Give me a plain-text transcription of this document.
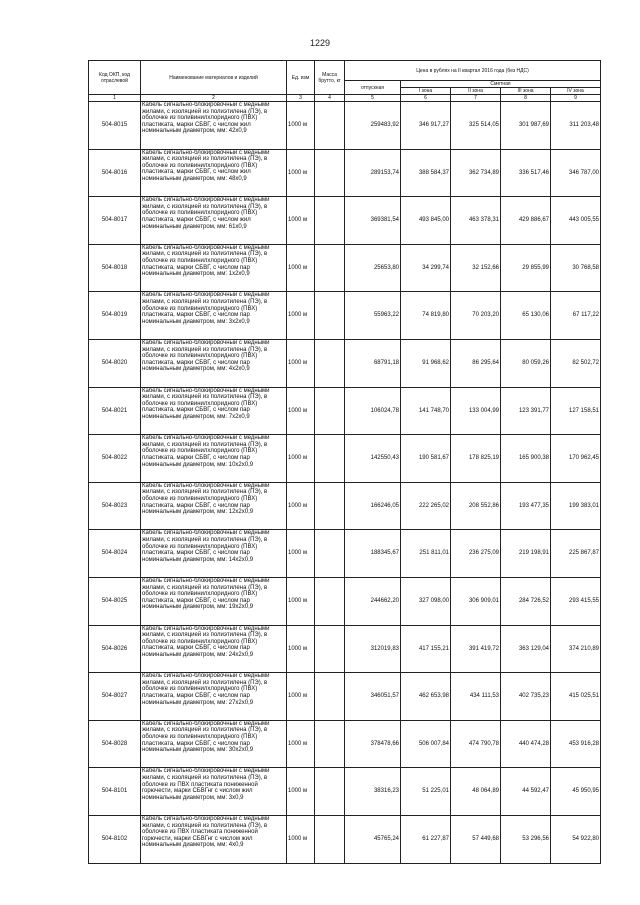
1229
Код ОКП, код отраслевой	Наименование материалов и изделий	Ед. изм	Масса брутто, кг	Цена в рублях на II квартал 2016 года (без НДС)				
				отпускная	Сметная			
					I зона	II зона	III зона	IV зона
1	2	3	4	5	6	7	8	9
504-8015	Кабель сигнально-блокировочный с медными жилами, с изоляцией из полиэтилена (ПЭ), в оболочке из поливинилхлоридного (ПВХ) пластиката, марки СБВГ, с числом жил номинальным диаметром, мм: 42х0,9	1000 м		259483,92	346 917,27	325 514,05	301 987,69	311 203,48
504-8016	Кабель сигнально-блокировочный с медными жилами, с изоляцией из полиэтилена (ПЭ), в оболочке из поливинилхлоридного (ПВХ) пластиката, марки СБВГ, с числом жил номинальным диаметром, мм: 48х0,9	1000 м		289153,74	388 584,37	362 734,89	336 517,46	346 787,00
504-8017	Кабель сигнально-блокировочный с медными жилами, с изоляцией из полиэтилена (ПЭ), в оболочке из поливинилхлоридного (ПВХ) пластиката, марки СБВГ, с числом жил номинальным диаметром, мм: 61х0,9	1000 м		369381,54	493 845,00	463 378,31	429 886,67	443 005,55
504-8018	Кабель сигнально-блокировочный с медными жилами, с изоляцией из полиэтилена (ПЭ), в оболочке из поливинилхлоридного (ПВХ) пластиката, марки СБВГ, с числом пар номинальным диаметром, мм: 1х2х0,9	1000 м		25653,80	34 299,74	32 152,66	29 855,99	30 768,58
504-8019	Кабель сигнально-блокировочный с медными жилами, с изоляцией из полиэтилена (ПЭ), в оболочке из поливинилхлоридного (ПВХ) пластиката, марки СБВГ, с числом пар номинальным диаметром, мм: 3х2х0,9	1000 м		55963,22	74 819,80	70 203,20	65 130,06	67 117,22
504-8020	Кабель сигнально-блокировочный с медными жилами, с изоляцией из полиэтилена (ПЭ), в оболочке из поливинилхлоридного (ПВХ) пластиката, марки СБВГ, с числом пар номинальным диаметром, мм: 4х2х0,9	1000 м		68791,18	91 968,62	86 295,64	80 059,26	82 502,72
504-8021	Кабель сигнально-блокировочный с медными жилами, с изоляцией из полиэтилена (ПЭ), в оболочке из поливинилхлоридного (ПВХ) пластиката, марки СБВГ, с числом пар номинальным диаметром, мм: 7х2х0,9	1000 м		106024,78	141 748,70	133 004,99	123 391,77	127 158,51
504-8022	Кабель сигнально-блокировочный с медными жилами, с изоляцией из полиэтилена (ПЭ), в оболочке из поливинилхлоридного (ПВХ) пластиката, марки СБВГ, с числом пар номинальным диаметром, мм: 10х2х0,9	1000 м		142550,43	190 581,67	178 825,19	165 900,38	170 962,45
504-8023	Кабель сигнально-блокировочный с медными жилами, с изоляцией из полиэтилена (ПЭ), в оболочке из поливинилхлоридного (ПВХ) пластиката, марки СБВГ, с числом пар номинальным диаметром, мм: 12х2х0,9	1000 м		166246,05	222 265,02	208 552,86	193 477,35	199 383,01
504-8024	Кабель сигнально-блокировочный с медными жилами, с изоляцией из полиэтилена (ПЭ), в оболочке из поливинилхлоридного (ПВХ) пластиката, марки СБВГ, с числом пар номинальным диаметром, мм: 14х2х0,9	1000 м		188345,67	251 811,01	236 275,09	219 198,91	225 867,87
504-8025	Кабель сигнально-блокировочный с медными жилами, с изоляцией из полиэтилена (ПЭ), в оболочке из поливинилхлоридного (ПВХ) пластиката, марки СБВГ, с числом пар номинальным диаметром, мм: 19х2х0,9	1000 м		244662,20	327 098,00	306 909,01	284 726,52	293 415,55
504-8026	Кабель сигнально-блокировочный с медными жилами, с изоляцией из полиэтилена (ПЭ), в оболочке из поливинилхлоридного (ПВХ) пластиката, марки СБВГ, с числом пар номинальным диаметром, мм: 24х2х0,9	1000 м		312019,83	417 155,21	391 419,72	363 129,04	374 210,89
504-8027	Кабель сигнально-блокировочный с медными жилами, с изоляцией из полиэтилена (ПЭ), в оболочке из поливинилхлоридного (ПВХ) пластиката, марки СБВГ, с числом пар номинальным диаметром, мм: 27х2х0,9	1000 м		346051,57	462 653,98	434 111,53	402 735,23	415 025,51
504-8028	Кабель сигнально-блокировочный с медными жилами, с изоляцией из полиэтилена (ПЭ), в оболочке из поливинилхлоридного (ПВХ) пластиката, марки СБВГ, с числом пар номинальным диаметром, мм: 30х2х0,9	1000 м		378478,66	506 007,84	474 790,78	440 474,28	453 916,28
504-8101	Кабель сигнально-блокировочный с медными жилами, с изоляцией из полиэтилена (ПЭ), в оболочке из ПВХ пластиката пониженной горючести, марки СБВГнг с числом жил номинальным диаметром, мм: 3х0,9	1000 м		38316,23	51 225,01	48 064,89	44 592,47	45 950,95
504-8102	Кабель сигнально-блокировочный с медными жилами, с изоляцией из полиэтилена (ПЭ), в оболочке из ПВХ пластиката пониженной горючести, марки СБВГнг с числом жил номинальным диаметром, мм: 4х0,9	1000 м		45765,24	61 227,87	57 449,68	53 296,56	54 922,80
